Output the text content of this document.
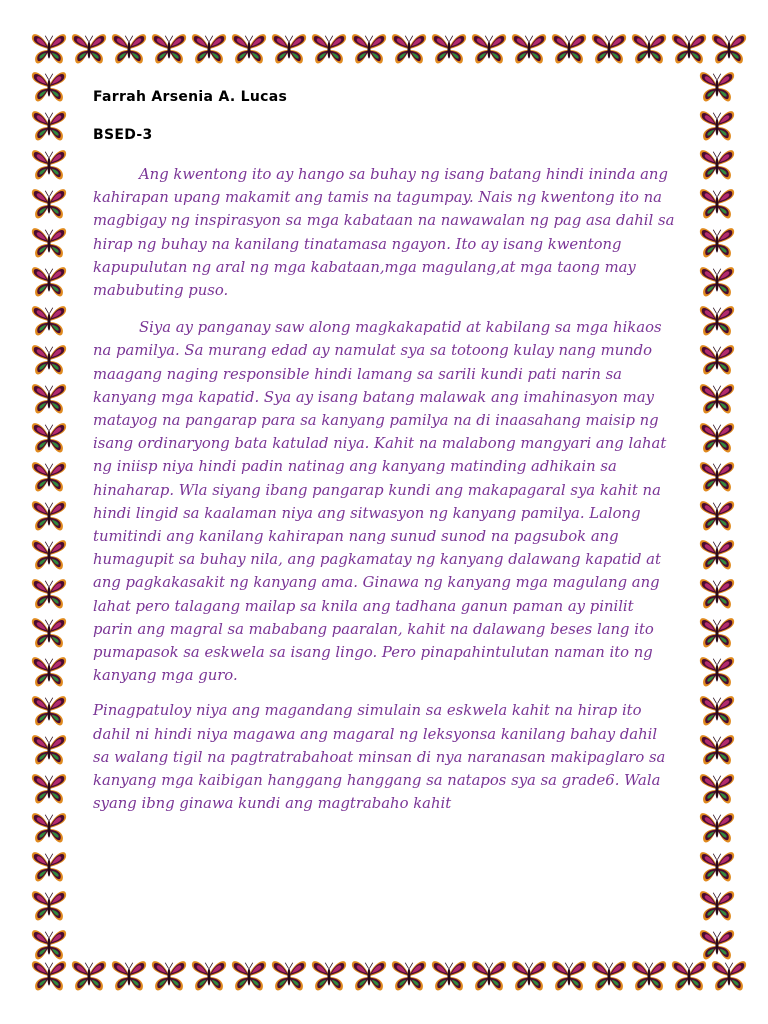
Farrah Arsenia A. Lucas
BSED-3

Ang kwentong ito ay hango sa buhay ng isang batang hindi ininda ang kahirapan upang makamit ang tamis na tagumpay. Nais ng kwentong ito na magbigay ng inspirasyon sa mga kabataan na nawawalan ng pag asa dahil sa hirap ng buhay na kanilang tinatamasa ngayon. Ito ay isang kwentong kapupulutan ng aral ng mga kabataan,mga magulang,at mga taong may mabubuting puso.

Siya ay panganay saw along magkakapatid at kabilang sa mga hikaos na pamilya. Sa murang edad ay namulat sya sa totoong kulay nang mundo maagang naging responsible hindi lamang sa sarili kundi pati narin sa kanyang mga kapatid. Sya ay isang batang malawak ang imahinasyon may matayog na pangarap para sa kanyang pamilya na di inaasahang maisip ng isang ordinaryong bata katulad niya. Kahit na malabong mangyari ang lahat ng iniisp niya hindi padin natinag ang kanyang matinding adhikain sa hinaharap. Wla siyang ibang pangarap kundi ang makapagaral sya kahit na hindi lingid sa kaalaman niya ang sitwasyon ng kanyang pamilya. Lalong tumitindi ang kanilang kahirapan nang sunud sunod na pagsubok ang humagupit sa buhay nila, ang pagkamatay ng kanyang dalawang kapatid at ang pagkakasakit ng kanyang ama. Ginawa ng kanyang mga magulang ang lahat pero talagang mailap sa knila ang tadhana ganun paman ay pinilit parin ang magral sa mababang paaralan, kahit na dalawang beses lang ito pumapasok sa eskwela sa isang lingo. Pero pinapahintulutan naman ito ng kanyang mga guro.

Pinagpatuloy niya ang magandang simulain sa eskwela kahit na hirap ito dahil ni hindi niya magawa ang magaral ng leksyonsa kanilang bahay dahil sa walang tigil na pagtratrabahoat minsan di nya naranasan makipaglaro sa kanyang mga kaibigan hanggang hanggang sa natapos sya sa grade6. Wala syang ibng ginawa kundi ang magtrabaho kahit
